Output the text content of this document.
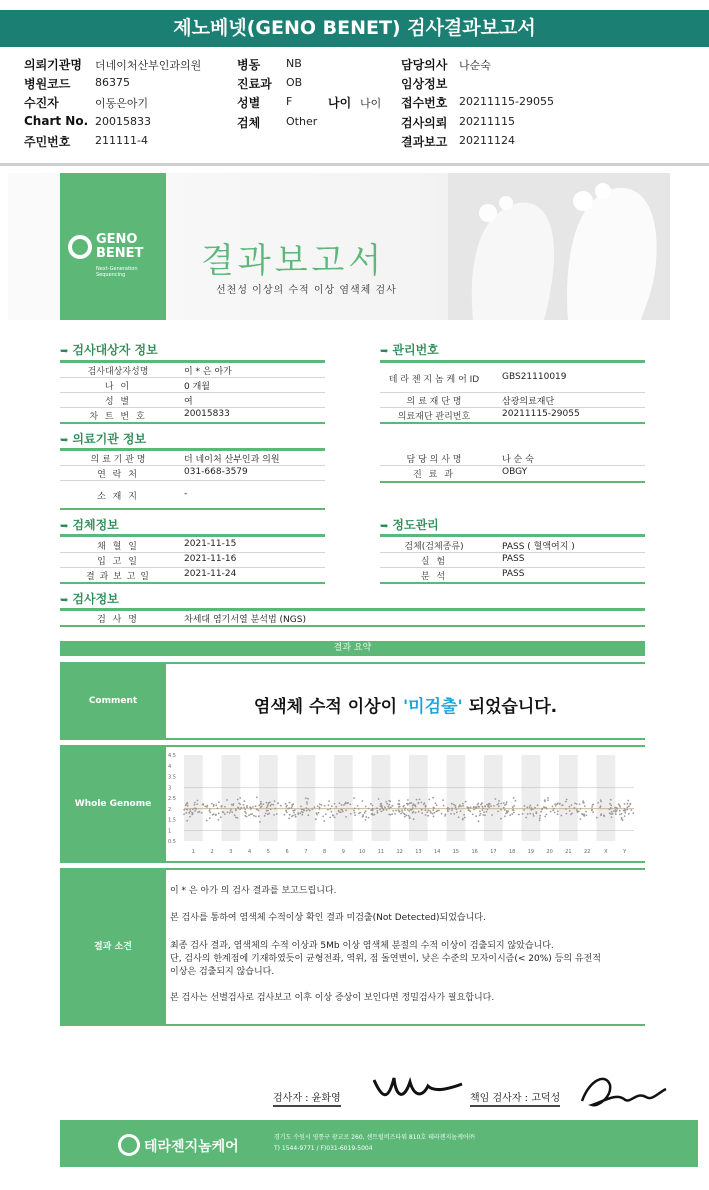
제노베넷(GENO BENET) 검사결과보고서
의뢰기관명 더네이처산부인과의원
병원코드 86375
수진자	이동은아기
Chart No. 20015833
주민번호 211111-4
병동 NB
진료과 OB
성별 F	나이 나이
검체 Other
담당의사 나순숙
임상정보
접수번호 20211115-29055
검사의뢰 20211115
결과보고 20211124
GENO
BENET
Next-Generation Sequencing	결과보고서
선천성 이상의 수적 이상 염색체 검사
➥ 검사대상자 정보
검사대상자성명	이 * 은 아가
나 이	0 개월
성 별	여
차 트 번 호	20015833
➥ 관리번호
테 라 젠 지 놈 케 어 ID	GBS21110019
의 료 재 단 명	삼광의료재단
의료재단 관리번호	20211115-29055
➥ 의료기관 정보
의 료 기 관 명	더 네이처 산부인과 의원
연 락 처	031-668-3579
소 재 지	-
담 당 의 사 명	나 순 숙
진 료 과	OBGY
➥ 검체정보
채 혈 일	2021-11-15
입 고 일	2021-11-16
결 과 보 고 일	2021-11-24
➥ 정도관리
검체(검체종류)	PASS ( 혈액여지 )
실 험	PASS
분 석	PASS
➥ 검사정보
검 사 명	차세대 염기서열 분석법 (NGS)
결과 요약
Comment	염색체 수적 이상이 '미검출' 되었습니다.
Whole Genome
4.5
4
3.5
3
2.5
2
1.5
1
0.5
1	2	3	4	5	6	7	8	9	10 11 12 13 14 15 16 17 18 19 20 21 22	X	Y
결과 소견
이 * 은 아가 의 검사 결과를 보고드립니다.
본 검사를 통하여 염색체 수적이상 확인 결과 미검출(Not Detected)되었습니다.
최종 검사 결과, 염색체의 수적 이상과 5Mb 이상 염색체 분절의 수적 이상이 검출되지 않았습니다.
단, 검사의 한계점에 기재하였듯이 균형전좌, 역위, 점 돌연변이, 낮은 수준의 모자이시즘(< 20%) 등의 유전적
이상은 검출되지 않습니다.
본 검사는 선별검사로 검사보고 이후 이상 증상이 보인다면 정밀검사가 필요합니다.
검사자 : 윤화영	책임 검사자 : 고덕성
테라젠지놈케어
경기도 수원시 영통구 광교로 260, 센트럴비즈타워 810호 테라젠지놈케어㈜
T) 1544-9771 / F)031-6019-5004
